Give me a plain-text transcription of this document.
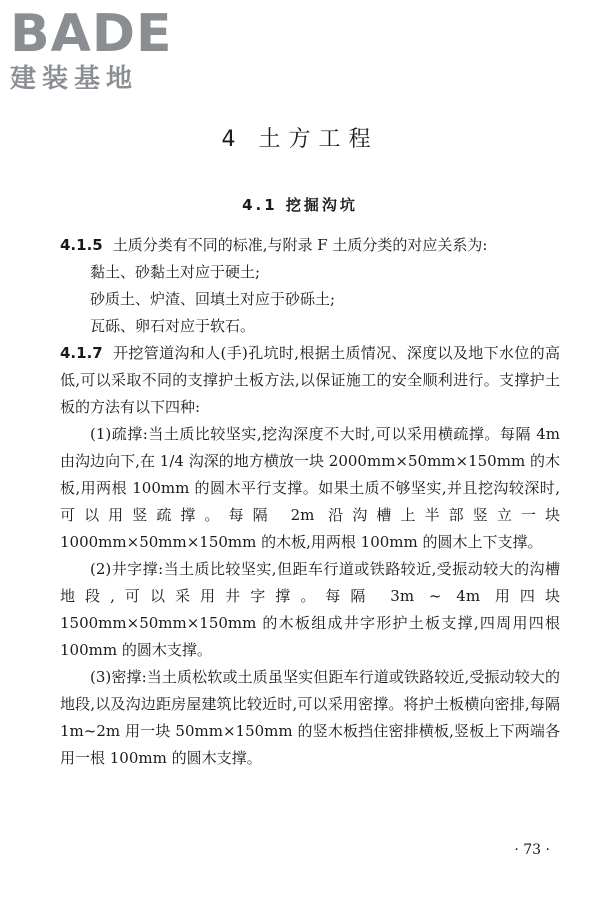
BADE
建装基地
4 土方工程
4.1 挖掘沟坑

4.1.5 土质分类有不同的标准,与附录 F 土质分类的对应关系为:

黏土、砂黏土对应于硬土;

砂质土、炉渣、回填土对应于砂砾土;

瓦砾、卵石对应于软石。

4.1.7 开挖管道沟和人(手)孔坑时,根据土质情况、深度以及地下水位的高低,可以采取不同的支撑护土板方法,以保证施工的安全顺利进行。支撑护土板的方法有以下四种:

(1)疏撑:当土质比较坚实,挖沟深度不大时,可以采用横疏撑。每隔 4m 由沟边向下,在 1/4 沟深的地方横放一块 2000mm×50mm×150mm 的木板,用两根 100mm 的圆木平行支撑。如果土质不够坚实,并且挖沟较深时,可以用竖疏撑。每隔 2m 沿沟槽上半部竖立一块 1000mm×50mm×150mm 的木板,用两根 100mm 的圆木上下支撑。

(2)井字撑:当土质比较坚实,但距车行道或铁路较近,受振动较大的沟槽地段,可以采用井字撑。每隔 3m ~ 4m 用四块 1500mm×50mm×150mm 的木板组成井字形护土板支撑,四周用四根 100mm 的圆木支撑。

(3)密撑:当土质松软或土质虽坚实但距车行道或铁路较近,受振动较大的地段,以及沟边距房屋建筑比较近时,可以采用密撑。将护土板横向密排,每隔 1m~2m 用一块 50mm×150mm 的竖木板挡住密排横板,竖板上下两端各用一根 100mm 的圆木支撑。

· 73 ·
